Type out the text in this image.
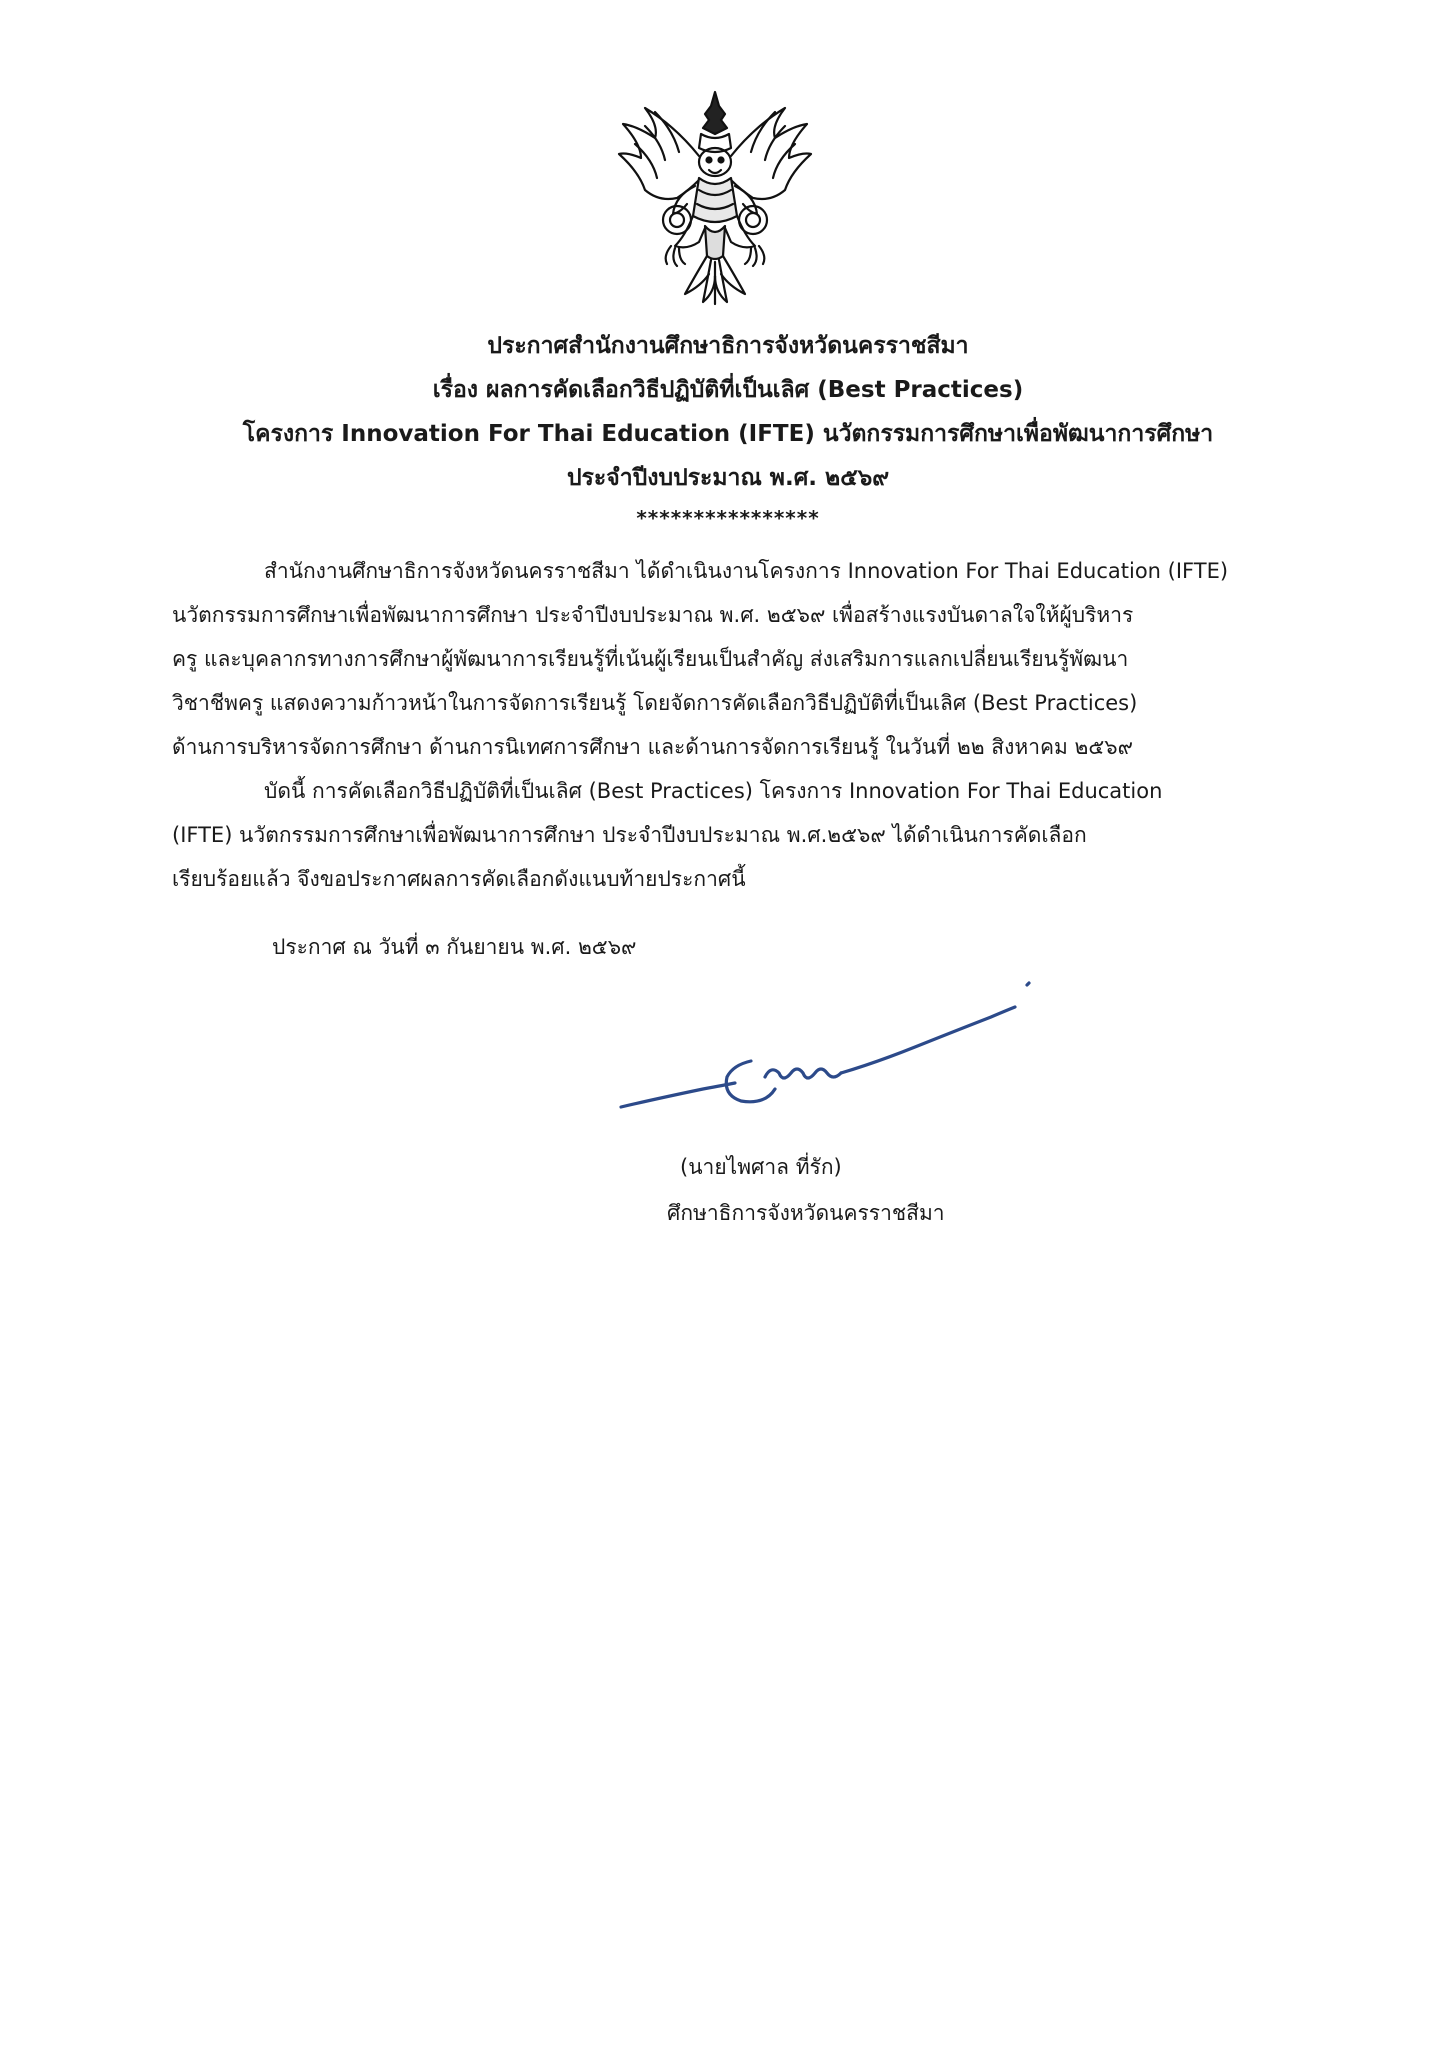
ประกาศสำนักงานศึกษาธิการจังหวัดนครราชสีมา
เรื่อง ผลการคัดเลือกวิธีปฏิบัติที่เป็นเลิศ (Best Practices)
โครงการ Innovation For Thai Education (IFTE) นวัตกรรมการศึกษาเพื่อพัฒนาการศึกษา
ประจำปีงบประมาณ พ.ศ. ๒๕๖๙
****************
สำนักงานศึกษาธิการจังหวัดนครราชสีมา ได้ดำเนินงานโครงการ Innovation For Thai Education (IFTE)
นวัตกรรมการศึกษาเพื่อพัฒนาการศึกษา ประจำปีงบประมาณ พ.ศ. ๒๕๖๙ เพื่อสร้างแรงบันดาลใจให้ผู้บริหาร
ครู และบุคลากรทางการศึกษาผู้พัฒนาการเรียนรู้ที่เน้นผู้เรียนเป็นสำคัญ ส่งเสริมการแลกเปลี่ยนเรียนรู้พัฒนา
วิชาชีพครู แสดงความก้าวหน้าในการจัดการเรียนรู้ โดยจัดการคัดเลือกวิธีปฏิบัติที่เป็นเลิศ (Best Practices)
ด้านการบริหารจัดการศึกษา ด้านการนิเทศการศึกษา และด้านการจัดการเรียนรู้ ในวันที่ ๒๒ สิงหาคม ๒๕๖๙
บัดนี้ การคัดเลือกวิธีปฏิบัติที่เป็นเลิศ (Best Practices) โครงการ Innovation For Thai Education
(IFTE) นวัตกรรมการศึกษาเพื่อพัฒนาการศึกษา ประจำปีงบประมาณ พ.ศ.๒๕๖๙ ได้ดำเนินการคัดเลือก
เรียบร้อยแล้ว จึงขอประกาศผลการคัดเลือกดังแนบท้ายประกาศนี้
ประกาศ ณ วันที่ ๓ กันยายน พ.ศ. ๒๕๖๙
(นายไพศาล ที่รัก)
ศึกษาธิการจังหวัดนครราชสีมา
